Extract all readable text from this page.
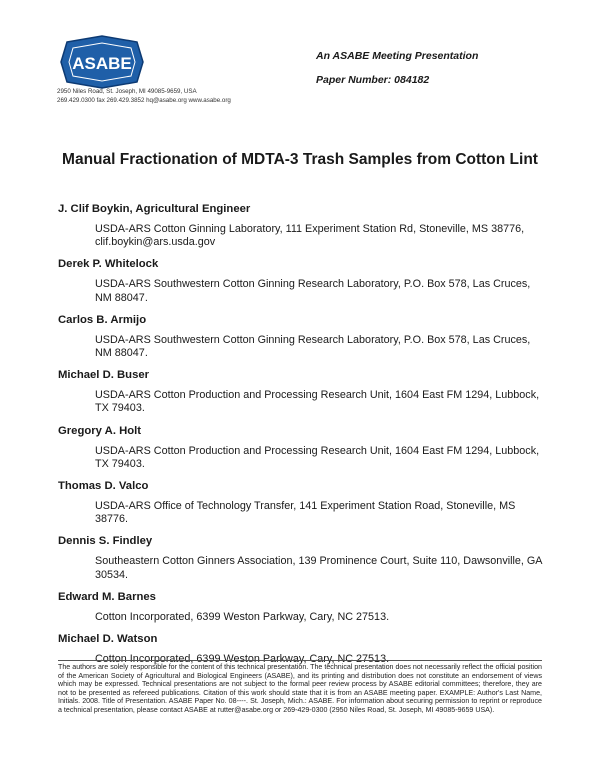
ASABE
2950 Niles Road, St. Joseph, MI 49085-9659, USA
269.429.0300 fax 269.429.3852 hq@asabe.org www.asabe.org
An ASABE Meeting Presentation
Paper Number: 084182
Manual Fractionation of MDTA-3 Trash Samples from Cotton Lint
J. Clif Boykin, Agricultural Engineer
USDA-ARS Cotton Ginning Laboratory, 111 Experiment Station Rd, Stoneville, MS 38776, clif.boykin@ars.usda.gov
Derek P. Whitelock
USDA-ARS Southwestern Cotton Ginning Research Laboratory, P.O. Box 578, Las Cruces, NM 88047.
Carlos B. Armijo
USDA-ARS Southwestern Cotton Ginning Research Laboratory, P.O. Box 578, Las Cruces, NM 88047.
Michael D. Buser
USDA-ARS Cotton Production and Processing Research Unit, 1604 East FM 1294, Lubbock, TX 79403.
Gregory A. Holt
USDA-ARS Cotton Production and Processing Research Unit, 1604 East FM 1294, Lubbock, TX 79403.
Thomas D. Valco
USDA-ARS Office of Technology Transfer, 141 Experiment Station Road, Stoneville, MS 38776.
Dennis S. Findley
Southeastern Cotton Ginners Association, 139 Prominence Court, Suite 110, Dawsonville, GA 30534.
Edward M. Barnes
Cotton Incorporated, 6399 Weston Parkway, Cary, NC 27513.
Michael D. Watson
Cotton Incorporated, 6399 Weston Parkway, Cary, NC 27513.
The authors are solely responsible for the content of this technical presentation. The technical presentation does not necessarily reflect the official position of the American Society of Agricultural and Biological Engineers (ASABE), and its printing and distribution does not constitute an endorsement of views which may be expressed. Technical presentations are not subject to the formal peer review process by ASABE editorial committees; therefore, they are not to be presented as refereed publications. Citation of this work should state that it is from an ASABE meeting paper. EXAMPLE: Author's Last Name, Initials. 2008. Title of Presentation. ASABE Paper No. 08----. St. Joseph, Mich.: ASABE. For information about securing permission to reprint or reproduce a technical presentation, please contact ASABE at rutter@asabe.org or 269-429-0300 (2950 Niles Road, St. Joseph, MI 49085-9659 USA).
